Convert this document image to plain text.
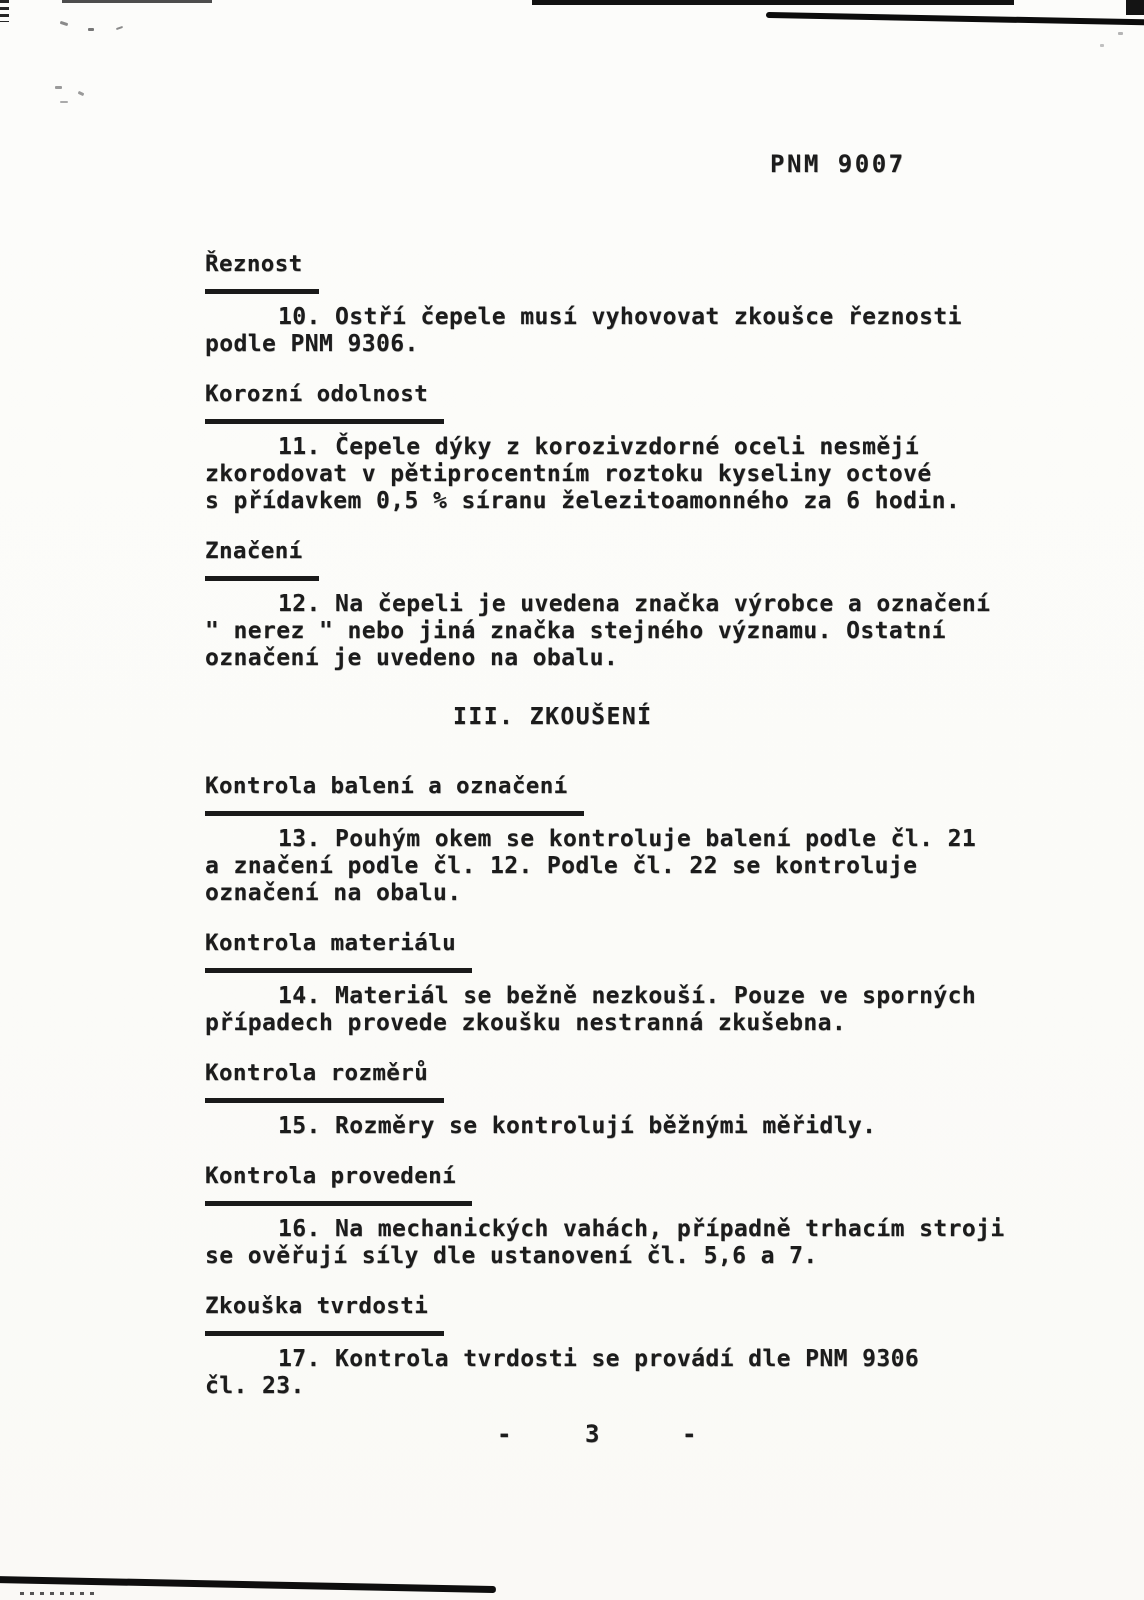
PNM 9007
Řeznost

10. Ostří čepele musí vyhovovat zkoušce řeznosti
podle PNM 9306.

Korozní odolnost

11. Čepele dýky z korozivzdorné oceli nesmějí
zkorodovat v pětiprocentním roztoku kyseliny octové
s přídavkem 0,5 % síranu železitoamonného za 6 hodin.

Značení

12. Na čepeli je uvedena značka výrobce a označení
" nerez " nebo jiná značka stejného významu. Ostatní
označení je uvedeno na obalu.

III. ZKOUŠENÍ
Kontrola balení a označení

13. Pouhým okem se kontroluje balení podle čl. 21
a značení podle čl. 12. Podle čl. 22 se kontroluje
označení na obalu.

Kontrola materiálu

14. Materiál se bežně nezkouší. Pouze ve sporných
případech provede zkoušku nestranná zkušebna.

Kontrola rozměrů

15. Rozměry se kontrolují běžnými měřidly.

Kontrola provedení

16. Na mechanických vahách, případně trhacím stroji
se ověřují síly dle ustanovení čl. 5,6 a 7.

Zkouška tvrdosti

17. Kontrola tvrdosti se provádí dle PNM 9306
čl. 23.

-	3	-
